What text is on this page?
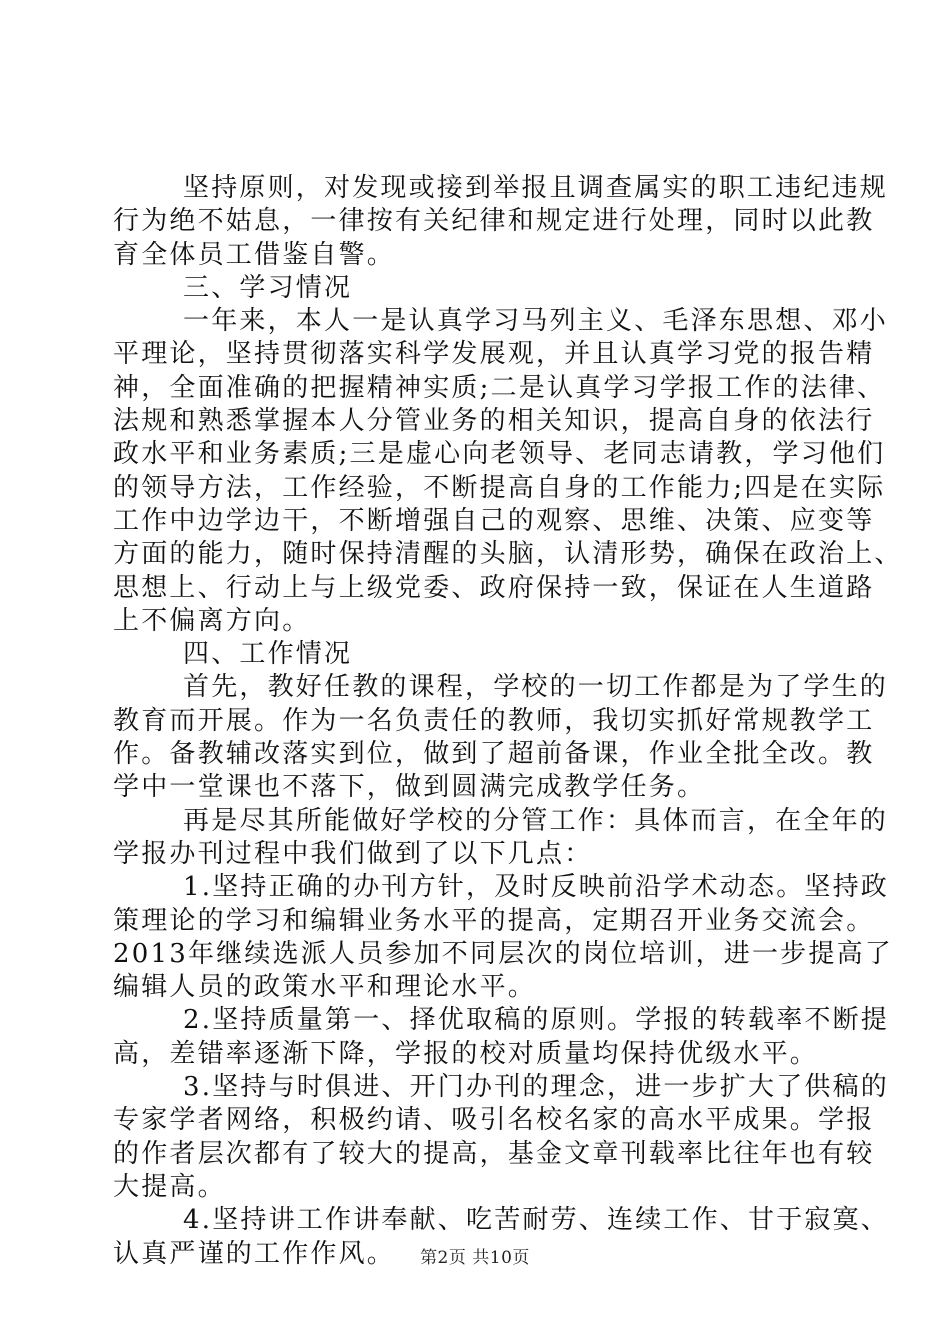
坚持原则，对发现或接到举报且调查属实的职工违纪违规
行为绝不姑息，一律按有关纪律和规定进行处理，同时以此教
育全体员工借鉴自警。
三、学习情况
一年来，本人一是认真学习马列主义、毛泽东思想、邓小
平理论，坚持贯彻落实科学发展观，并且认真学习党的报告精
神，全面准确的把握精神实质;二是认真学习学报工作的法律、
法规和熟悉掌握本人分管业务的相关知识，提高自身的依法行
政水平和业务素质;三是虚心向老领导、老同志请教，学习他们
的领导方法，工作经验，不断提高自身的工作能力;四是在实际
工作中边学边干，不断增强自己的观察、思维、决策、应变等
方面的能力，随时保持清醒的头脑，认清形势，确保在政治上、
思想上、行动上与上级党委、政府保持一致，保证在人生道路
上不偏离方向。
四、工作情况
首先，教好任教的课程，学校的一切工作都是为了学生的
教育而开展。作为一名负责任的教师，我切实抓好常规教学工
作。备教辅改落实到位，做到了超前备课，作业全批全改。教
学中一堂课也不落下，做到圆满完成教学任务。
再是尽其所能做好学校的分管工作：具体而言，在全年的
学报办刊过程中我们做到了以下几点：
1.坚持正确的办刊方针，及时反映前沿学术动态。坚持政
策理论的学习和编辑业务水平的提高，定期召开业务交流会。
2013年继续选派人员参加不同层次的岗位培训，进一步提高了
编辑人员的政策水平和理论水平。
2.坚持质量第一、择优取稿的原则。学报的转载率不断提
高，差错率逐渐下降，学报的校对质量均保持优级水平。
3.坚持与时俱进、开门办刊的理念，进一步扩大了供稿的
专家学者网络，积极约请、吸引名校名家的高水平成果。学报
的作者层次都有了较大的提高，基金文章刊载率比往年也有较
大提高。
4.坚持讲工作讲奉献、吃苦耐劳、连续工作、甘于寂寞、
认真严谨的工作作风。	第2页 共10页
